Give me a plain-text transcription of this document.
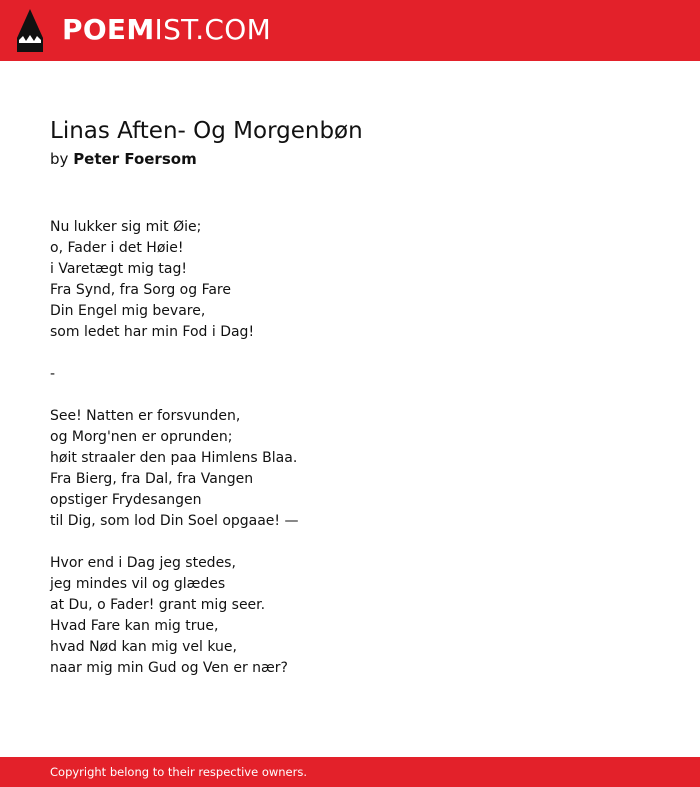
POEMIST.COM
Linas Aften- Og Morgenbøn
by Peter Foersom
Nu lukker sig mit Øie;
o, Fader i det Høie!
i Varetægt mig tag!
Fra Synd, fra Sorg og Fare
Din Engel mig bevare,
som ledet har min Fod i Dag!
-
See! Natten er forsvunden,
og Morg'nen er oprunden;
høit straaler den paa Himlens Blaa.
Fra Bierg, fra Dal, fra Vangen
opstiger Frydesangen
til Dig, som lod Din Soel opgaae! —
Hvor end i Dag jeg stedes,
jeg mindes vil og glædes
at Du, o Fader! grant mig seer.
Hvad Fare kan mig true,
hvad Nød kan mig vel kue,
naar mig min Gud og Ven er nær?
Copyright belong to their respective owners.
